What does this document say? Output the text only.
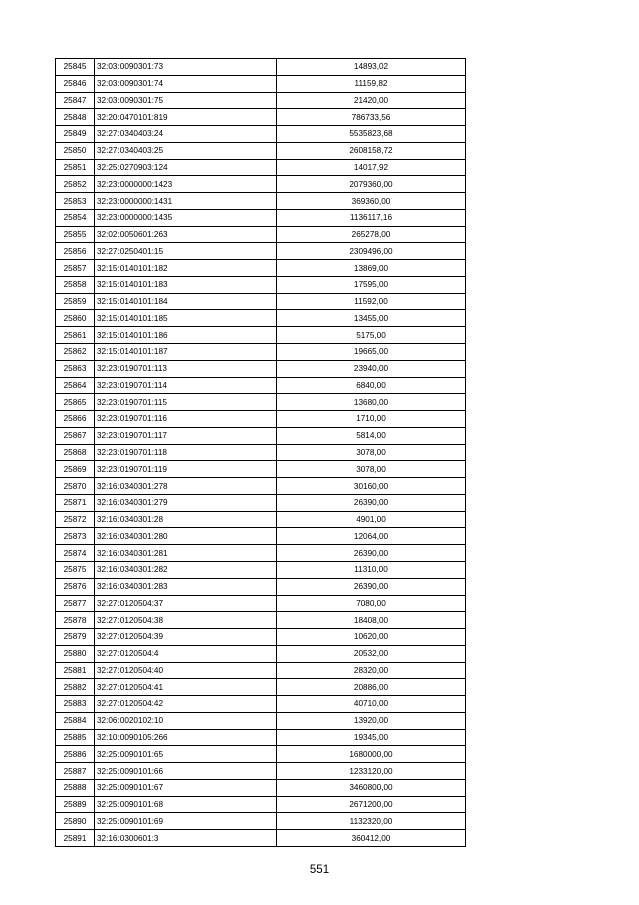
25845	32:03:0090301:73	14893,02
25846	32:03:0090301:74	11159,82
25847	32:03:0090301:75	21420,00
25848	32:20:0470101:819	786733,56
25849	32:27:0340403:24	5535823,68
25850	32:27:0340403:25	2608158,72
25851	32:25:0270903:124	14017,92
25852	32:23:0000000:1423	2079360,00
25853	32:23:0000000:1431	369360,00
25854	32:23:0000000:1435	1136117,16
25855	32:02:0050601:263	265278,00
25856	32:27:0250401:15	2309496,00
25857	32:15:0140101:182	13869,00
25858	32:15:0140101:183	17595,00
25859	32:15:0140101:184	11592,00
25860	32:15:0140101:185	13455,00
25861	32:15:0140101:186	5175,00
25862	32:15:0140101:187	19665,00
25863	32:23:0190701:113	23940,00
25864	32:23:0190701:114	6840,00
25865	32:23:0190701:115	13680,00
25866	32:23:0190701:116	1710,00
25867	32:23:0190701:117	5814,00
25868	32:23:0190701:118	3078,00
25869	32:23:0190701:119	3078,00
25870	32:16:0340301:278	30160,00
25871	32:16:0340301:279	26390,00
25872	32:16:0340301:28	4901,00
25873	32:16:0340301:280	12064,00
25874	32:16:0340301:281	26390,00
25875	32:16:0340301:282	11310,00
25876	32:16:0340301:283	26390,00
25877	32:27:0120504:37	7080,00
25878	32:27:0120504:38	18408,00
25879	32:27:0120504:39	10620,00
25880	32:27:0120504:4	20532,00
25881	32:27:0120504:40	28320,00
25882	32:27:0120504:41	20886,00
25883	32:27:0120504:42	40710,00
25884	32:06:0020102:10	13920,00
25885	32:10:0090105:266	19345,00
25886	32:25:0090101:65	1680000,00
25887	32:25:0090101:66	1233120,00
25888	32:25:0090101:67	3460800,00
25889	32:25:0090101:68	2671200,00
25890	32:25:0090101:69	1132320,00
25891	32:16:0300601:3	360412,00
551
